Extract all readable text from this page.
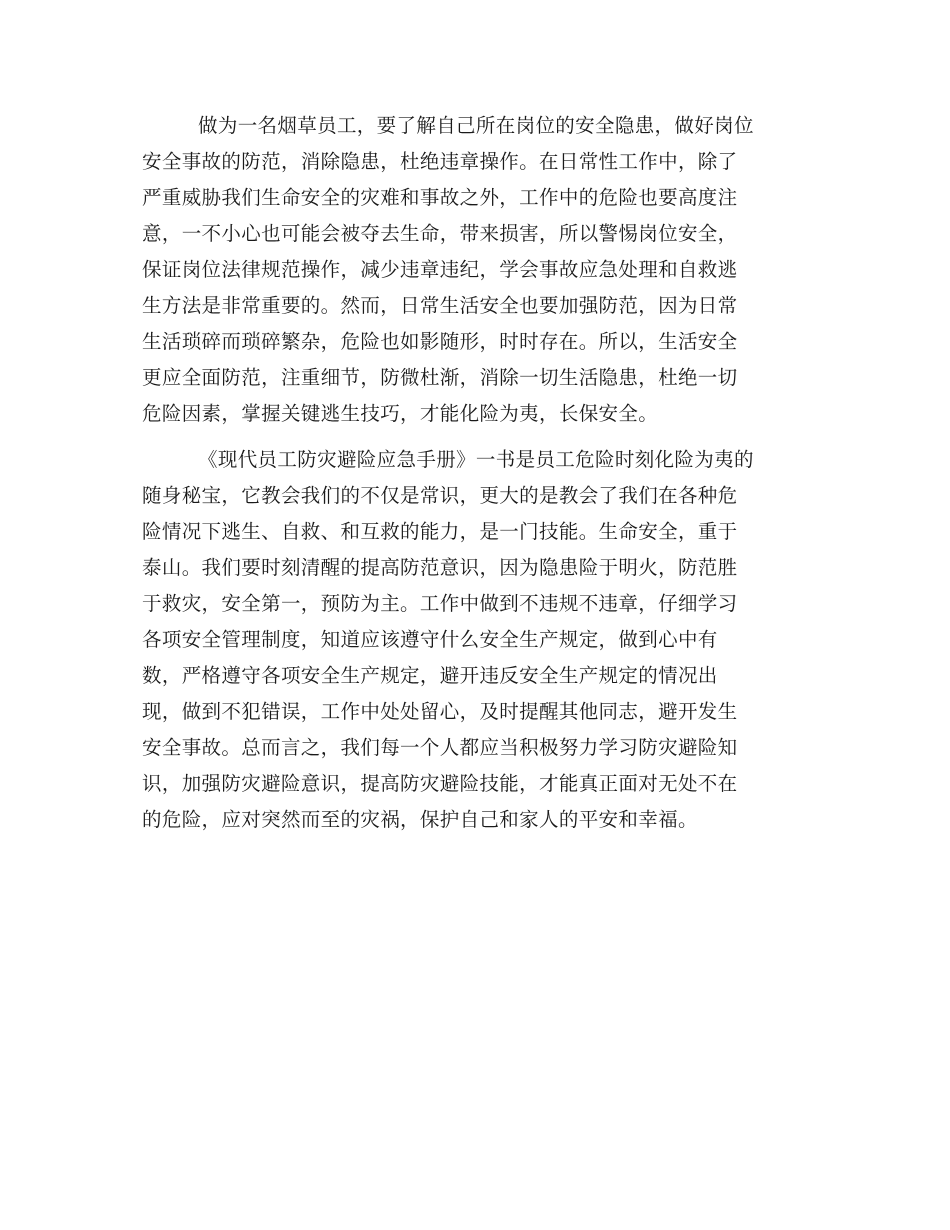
做为一名烟草员工，要了解自己所在岗位的安全隐患，做好岗位
安全事故的防范，消除隐患，杜绝违章操作。在日常性工作中，除了
严重威胁我们生命安全的灾难和事故之外，工作中的危险也要高度注
意，一不小心也可能会被夺去生命，带来损害，所以警惕岗位安全，
保证岗位法律规范操作，减少违章违纪，学会事故应急处理和自救逃
生方法是非常重要的。然而，日常生活安全也要加强防范，因为日常
生活琐碎而琐碎繁杂，危险也如影随形，时时存在。所以，生活安全
更应全面防范，注重细节，防微杜渐，消除一切生活隐患，杜绝一切
危险因素，掌握关键逃生技巧，才能化险为夷，长保安全。

《现代员工防灾避险应急手册》一书是员工危险时刻化险为夷的
随身秘宝，它教会我们的不仅是常识，更大的是教会了我们在各种危
险情况下逃生、自救、和互救的能力，是一门技能。生命安全，重于
泰山。我们要时刻清醒的提高防范意识，因为隐患险于明火，防范胜
于救灾，安全第一，预防为主。工作中做到不违规不违章，仔细学习
各项安全管理制度，知道应该遵守什么安全生产规定，做到心中有
数，严格遵守各项安全生产规定，避开违反安全生产规定的情况出
现，做到不犯错误，工作中处处留心，及时提醒其他同志，避开发生
安全事故。总而言之，我们每一个人都应当积极努力学习防灾避险知
识，加强防灾避险意识，提高防灾避险技能，才能真正面对无处不在
的危险，应对突然而至的灾祸，保护自己和家人的平安和幸福。
